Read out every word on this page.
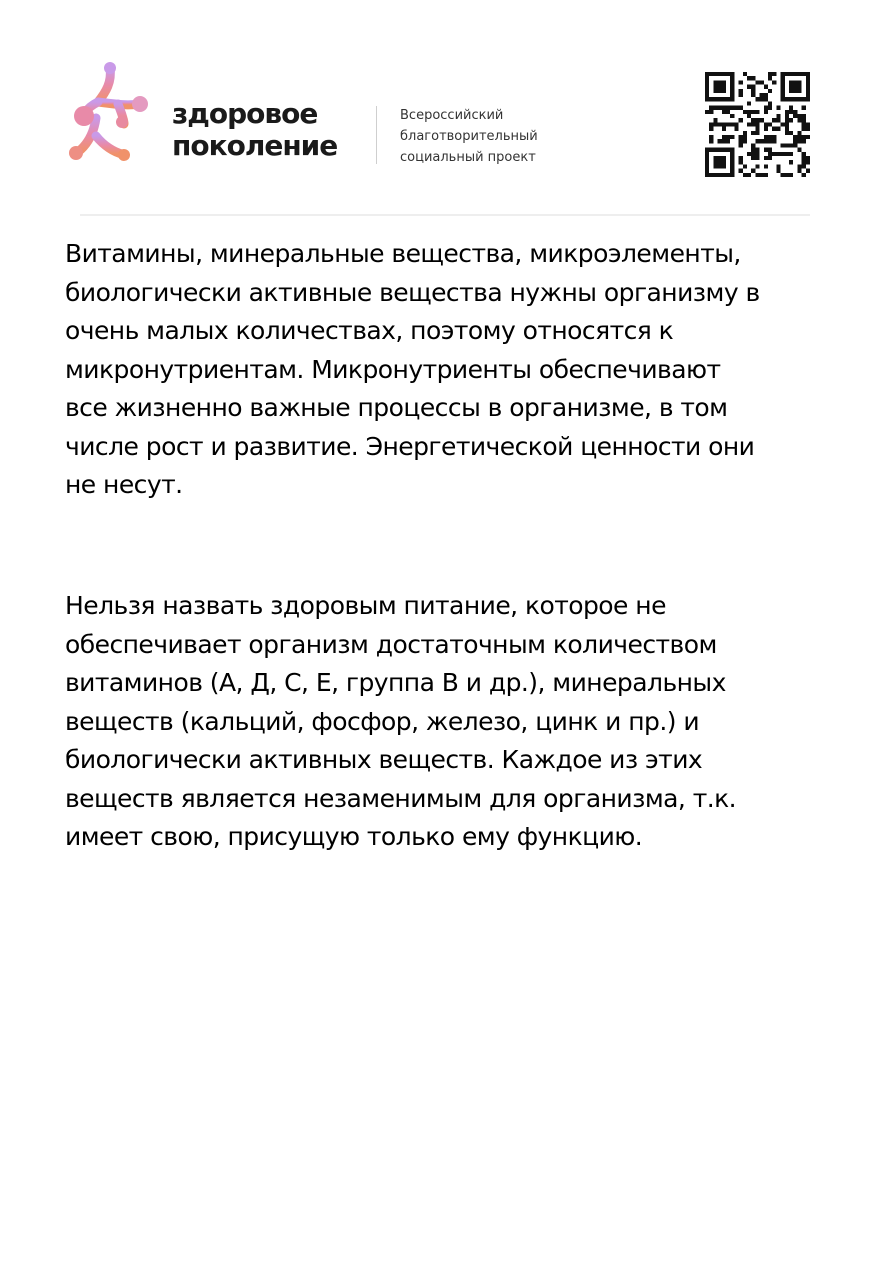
здоровое
поколение
Всероссийский
благотворительный
социальный проект
Витамины, минеральные вещества, микроэлементы,
биологически активные вещества нужны организму в
очень малых количествах, поэтому относятся к
микронутриентам. Микронутриенты обеспечивают
все жизненно важные процессы в организме, в том
числе рост и развитие. Энергетической ценности они
не несут.
Нельзя назвать здоровым питание, которое не
обеспечивает организм достаточным количеством
витаминов (А, Д, С, Е, группа В и др.), минеральных
веществ (кальций, фосфор, железо, цинк и пр.) и
биологически активных веществ. Каждое из этих
веществ является незаменимым для организма, т.к.
имеет свою, присущую только ему функцию.
